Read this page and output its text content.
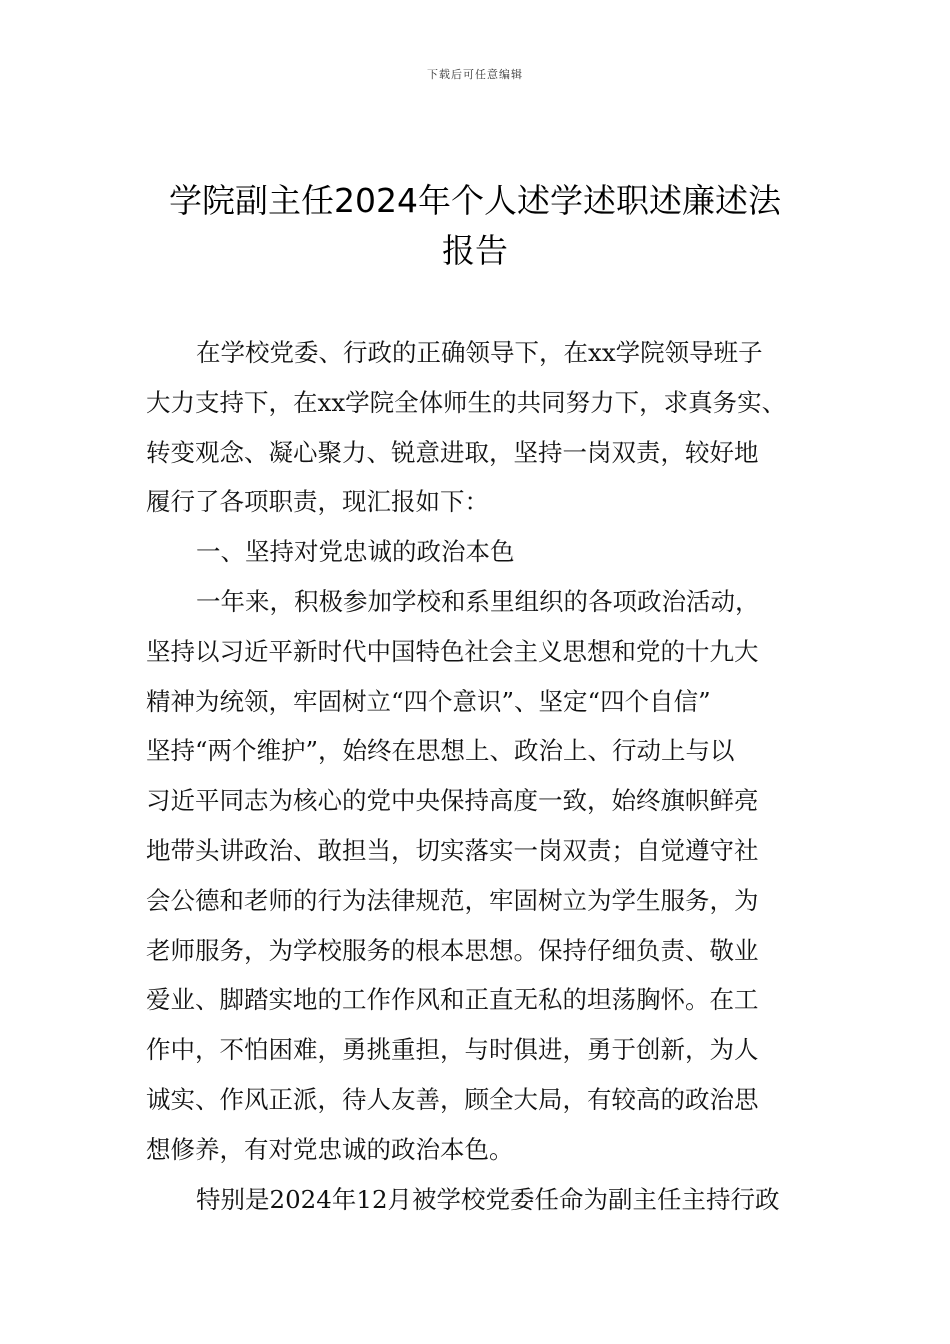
下载后可任意编辑
学院副主任2024年个人述学述职述廉述法
报告
在学校党委、行政的正确领导下，在xx学院领导班子
大力支持下，在xx学院全体师生的共同努力下，求真务实、
转变观念、凝心聚力、锐意进取，坚持一岗双责，较好地
履行了各项职责，现汇报如下：
一、坚持对党忠诚的政治本色
一年来，积极参加学校和系里组织的各项政治活动，
坚持以习近平新时代中国特色社会主义思想和党的十九大
精神为统领，牢固树立“四个意识”、坚定“四个自信”
坚持“两个维护”，始终在思想上、政治上、行动上与以
习近平同志为核心的党中央保持高度一致，始终旗帜鲜亮
地带头讲政治、敢担当，切实落实一岗双责；自觉遵守社
会公德和老师的行为法律规范，牢固树立为学生服务，为
老师服务，为学校服务的根本思想。保持仔细负责、敬业
爱业、脚踏实地的工作作风和正直无私的坦荡胸怀。在工
作中，不怕困难，勇挑重担，与时俱进，勇于创新，为人
诚实、作风正派，待人友善，顾全大局，有较高的政治思
想修养，有对党忠诚的政治本色。
特别是2024年12月被学校党委任命为副主任主持行政
